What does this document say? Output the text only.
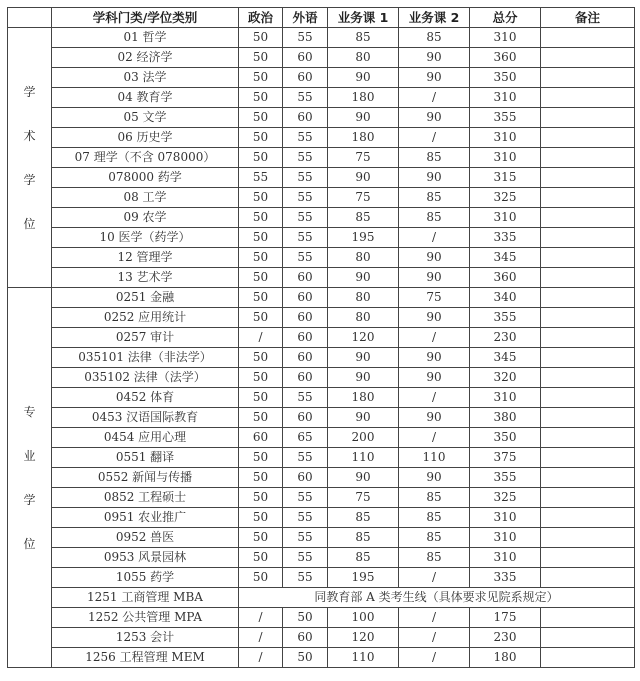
	学科门类/学位类别	政治	外语	业务课 1	业务课 2	总分	备注

学
术
学
位	01 哲学	50	55	85	85	310	
	02 经济学	50	60	80	90	360	
	03 法学	50	60	90	90	350	
	04 教育学	50	55	180	/	310	
	05 文学	50	60	90	90	355	
	06 历史学	50	55	180	/	310	
	07 理学（不含 078000）	50	55	75	85	310	
	078000 药学	55	55	90	90	315	
	08 工学	50	55	75	85	325	
	09 农学	50	55	85	85	310	
	10 医学（药学）	50	55	195	/	335	
	12 管理学	50	55	80	90	345	
	13 艺术学	50	60	90	90	360	

专
业
学
位	0251 金融	50	60	80	75	340	
	0252 应用统计	50	60	80	90	355	
	0257 审计	/	60	120	/	230	
	035101 法律（非法学）	50	60	90	90	345	
	035102 法律（法学）	50	60	90	90	320	
	0452 体育	50	55	180	/	310	
	0453 汉语国际教育	50	60	90	90	380	
	0454 应用心理	60	65	200	/	350	
	0551 翻译	50	55	110	110	375	
	0552 新闻与传播	50	60	90	90	355	
	0852 工程硕士	50	55	75	85	325	
	0951 农业推广	50	55	85	85	310	
	0952 兽医	50	55	85	85	310	
	0953 风景园林	50	55	85	85	310	
	1055 药学	50	55	195	/	335	
	1251 工商管理 MBA	同教育部 A 类考生线（具体要求见院系规定）					
	1252 公共管理 MPA	/	50	100	/	175	
	1253 会计	/	60	120	/	230	
	1256 工程管理 MEM	/	50	110	/	180	
